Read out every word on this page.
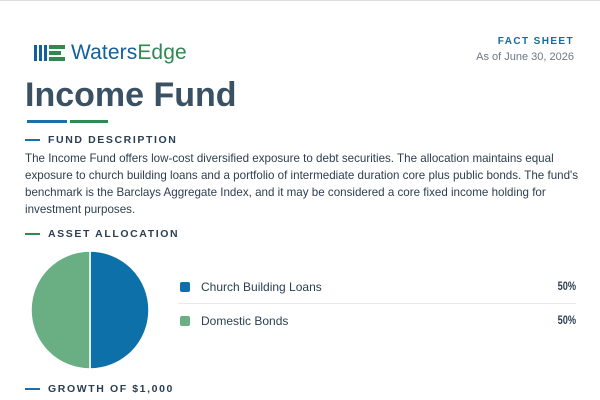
WatersEdge	FACT SHEET
As of June 30, 2026
Income Fund
FUND DESCRIPTION

The Income Fund offers low-cost diversified exposure to debt securities. The allocation maintains equal exposure to church building loans and a portfolio of intermediate duration core plus public bonds. The fund's benchmark is the Barclays Aggregate Index, and it may be considered a core fixed income holding for investment purposes.

ASSET ALLOCATION
Church Building Loans	50%
Domestic Bonds	50%
GROWTH OF $1,000
